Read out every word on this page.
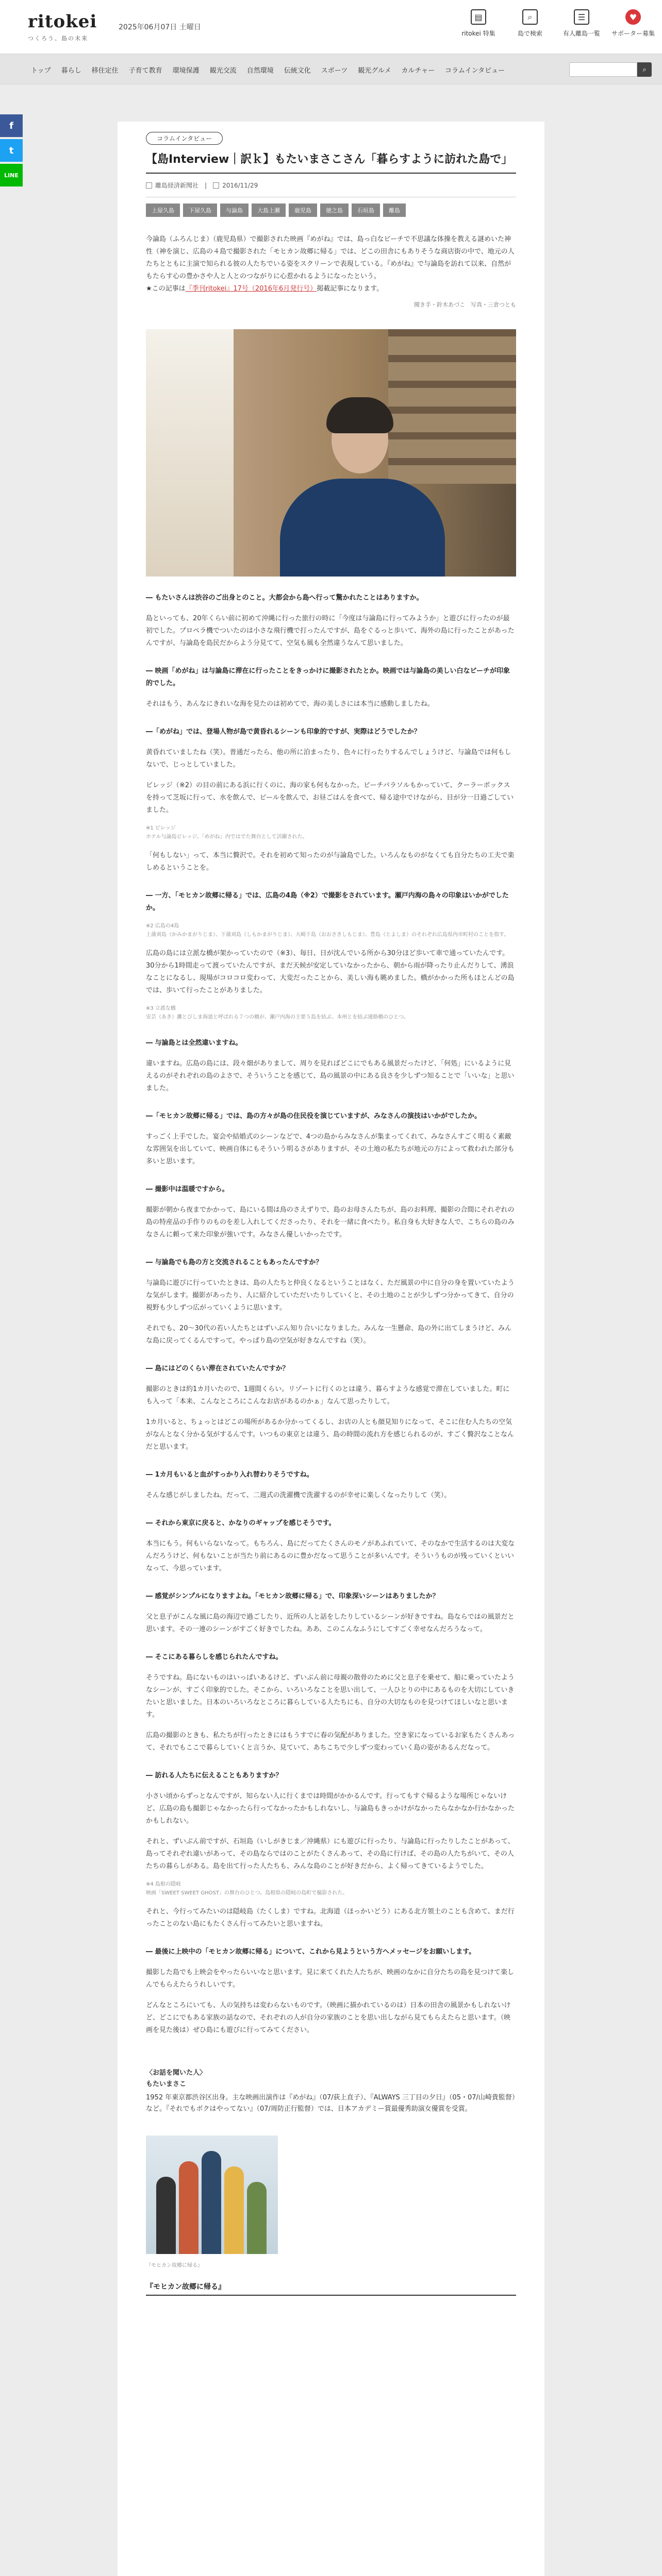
ritokei
つくろう、島の未来
2025年06月07日 土曜日
▤
ritokei 特集
⌕
島で検索
☰
有人離島一覧
♥
サポーター募集
トップ	暮らし	移住定住	子育て教育	環境保護	観光交流	自然環境	伝統文化	スポーツ	観光グルメ	カルチャー	コラムインタビュー	⌕
f
t
LINE
コラムインタビュー
【島Interview｜訳ｋ】もたいまさこさん「暮らすように訪れた島で」
離島経済新聞社 |	2016/11/29
上屋久島	下屋久島	与論島	大島上瀬	鹿児島	徳之島	石垣島	離島

今論島（ふろんじま）（鹿児島県）で撮影された映画『めがね』では、島っ白なビーチで不思議な体操を教える謎めいた神性（神を演じ、広島の４島で撮影された「モヒカン故郷に帰る」では、どこの田舎にもありそうな商店街の中で、地元の人たちとともに主演で知られる彼の人たちでいる姿をスクリーンで表現している。『めがね』で与論島を訪れて以来、自然がもたらす心の豊かさや人と人とのつながりに心惹かれるようになったという。
★この記事は『季刊ritokei』17号（2016年6月発行号）掲載記事になります。

聞き手・鈴木あづこ　写真・三倉つとも
― もたいさんは渋谷のご出身とのこと。大都会から島へ行って驚かれたことはありますか。
島といっても、20年くらい前に初めて沖縄に行った旅行の時に「今度は与論島に行ってみようか」と遊びに行ったのが最初でした。プロペラ機でついたのは小さな飛行機で打ったんですが、島をぐるっと歩いて、海外の島に行ったことがあったんですが、与論島を島民だからよう分見てて、空気も風も全然違うなんて思いました。
― 映画「めがね」は与論島に滞在に行ったことをきっかけに撮影されたとか。映画では与論島の美しい白なビーチが印象的でした。
それはもう、あんなにきれいな海を見たのは初めてで、海の美しさには本当に感動しましたね。
―「めがね」では、登場人物が島で黄昏れるシーンも印象的ですが、実際はどうでしたか？
黄昏れていましたね（笑）。普通だったら、他の所に泊まったり、色々に行ったりするんでしょうけど、与論島では何もしないで、じっとしていました。
ビレッジ（※2）の目の前にある浜に行くのに、海の家も何もなかった。ビーチパラソルもかっていて、クーラーボックスを持って芝坂に行って、水を飲んで、ビールを飲んで、お昼ごはんを食べて、帰る途中でけながら、目が分一日過ごしていました。
※1 ビレッジ
ホテル与論島ビレッジ。「めがね」内ではでた舞台として活躍された。
「何もしない」って、本当に贅沢で。それを初めて知ったのが与論島でした。いろんなものがなくても自分たちの工夫で楽しめるということを。
― 一方、「モヒカン故郷に帰る」では、広島の4島（※2）で撮影をされています。瀬戸内海の島々の印象はいかがでしたか。
※2 広島の4島
上蒲刈島（かみかまがりじま）、下蒲刈島（しもかまがりじま）、大崎下島（おおさきしもじま）、豊島（とよしま）のそれぞれ広島県内市町村のことを指す。
広島の島には立派な橋が架かっていたので（※3）、毎日、日が沈んでいる所から30分ほど歩いて車で通っていたんです。30分から1時間走って渡っていたんですが、まだ天候が安定していなかったから、朝から雨が降ったり止んだりして、湧浪なことになるし、現場がコロコロ変わって、大変だったことから、美しい海も眺めました。橋がかかった所もほとんどの島では、歩いて行ったことがありました。
※3 立派な橋
安芸（あき）灘とびしま海道と呼ばれる７つの橋が、瀬戸内海の主要５島を結ぶ、本州とを結ぶ連絡橋のひとつ。
― 与論島とは全然違いますね。
違いますね。広島の島には、段々畑がありまして、周りを見ればどこにでもある風景だったけど、「何処」にいるように見えるのがそれぞれの島のよさで、そういうことを感じて、島の風景の中にある良さを少しずつ知ることで「いいな」と思いました。
―「モヒカン故郷に帰る」では、島の方々が島の住民役を演じていますが、みなさんの演技はいかがでしたか。
すっごく上手でした。宴会や結婚式のシーンなどで、4つの島からみなさんが集まってくれて、みなさんすごく明るく素敵な雰囲気を出していて、映画自体にもそういう明るさがありますが、その土地の私たちが地元の方によって救われた部分も多いと思います。
― 撮影中は温暖ですから。
撮影が朝から夜までかかって、島にいる間は鳥のさえずりで、島のお母さんたちが、島のお料理、撮影の合間にそれぞれの島の特産品の手作りのものを差し入れしてくださったり、それを一緒に食べたり。私自身も大好きな人で、こちらの島のみなさんに頼って来た印象が強いです。みなさん優しいかったです。
― 与論島でも島の方と交流されることもあったんですか？
与論島に遊びに行っていたときは、島の人たちと仲良くなるということはなく、ただ風景の中に自分の身を置いていたような気がします。撮影があったり、人に紹介していただいたりしていくと、その土地のことが少しずつ分かってきて、自分の視野も少しずつ広がっていくように思います。
それでも、20〜30代の若い人たちとはずいぶん知り合いになりました。みんな一生懸命、島の外に出てしまうけど、みんな島に戻ってくるんですって。やっぱり島の空気が好きなんですね（笑）。
― 島にはどのくらい滞在されていたんですか？
撮影のときは約1カ月いたので、1週間くらい。リゾートに行くのとは違う、暮らすような感覚で滞在していました。町にも入って「本来、こんなところにこんなお店があるのかぁ」なんて思ったりして。
1カ月いると、ちょっとはどこの場所があるか分かってくるし、お店の人とも顔見知りになって、そこに住む人たちの空気がなんとなく分かる気がするんです。いつもの東京とは違う、島の時間の流れ方を感じられるのが、すごく贅沢なことなんだと思います。
― 1カ月もいると血がすっかり入れ替わりそうですね。
そんな感じがしましたね。だって、二週式の洗濯機で洗濯するのが幸せに楽しくなったりして（笑）。
― それから東京に戻ると、かなりのギャップを感じそうです。
本当にもう。何もいらないなって。もちろん、島にだってたくさんのモノがあふれていて、そのなかで生活するのは大変なんだろうけど、何もないことが当たり前にあるのに豊かだなって思うことが多いんです。そういうものが残っていくといいなって、今思っています。
― 感覚がシンプルになりますよね。「モヒカン故郷に帰る」で、印象深いシーンはありましたか？
父と息子がこんな風に島の海辺で過ごしたり、近所の人と話をしたりしているシーンが好きですね。島ならではの風景だと思います。その一連のシーンがすごく好きでしたね。ああ、このこんなふうにしてすごく幸せなんだろうなって。
― そこにある暮らしを感じられたんですね。
そうですね。島にないものはいっぱいあるけど、ずいぶん前に母親の散骨のために父と息子を乗せて、船に乗っていたようなシーンが、すごく印象的でした。そこから、いろいろなことを思い出して、一人ひとりの中にあるものを大切にしていきたいと思いました。日本のいろいろなところに暮らしている人たちにも、自分の大切なものを見つけてほしいなと思います。
広島の撮影のときも、私たちが行ったときにはもうすでに春の気配がありました。空き家になっているお家もたくさんあって、それでもここで暮らしていくと言うか、見ていて、あちこちで少しずつ変わっていく島の姿があるんだなって。
― 訪れる人たちに伝えることもありますか？
小さい頃からずっとなんですが、知らない人に行くまでは時間がかかるんです。行ってもすぐ帰るような場所じゃないけど、広島の島も撮影じゃなかったら行ってなかったかもしれないし、与論島もきっかけがなかったらなかなか行かなかったかもしれない。
それと、ずいぶん前ですが、石垣島（いしがきじま／沖縄県）にも遊びに行ったり、与論島に行ったりしたことがあって、島ってそれぞれ違いがあって、その島ならではのことがたくさんあって、その島に行けば、その島の人たちがいて、その人たちの暮らしがある。島を出て行った人たちも、みんな島のことが好きだから、よく帰ってきているようでした。
※4 島根の隠岐
映画「SWEET SWEET GHOST」の舞台のひとつ。島根県の隠岐の島町で撮影された。
それと、今行ってみたいのは隠岐島（たくしま）ですね。北海道（ほっかいどう）にある北方領土のことも含めて、まだ行ったことのない島にもたくさん行ってみたいと思いますね。
― 最後に上映中の「モヒカン故郷に帰る」について、これから見ようという方へメッセージをお願いします。
撮影した島でも上映会をやったらいいなと思います。見に来てくれた人たちが、映画のなかに自分たちの島を見つけて楽しんでもらえたらうれしいです。
どんなところにいても、人の気持ちは変わらないものです。（映画に描かれているのは）日本の田舎の風景かもしれないけど、どこにでもある家族の話なので、それぞれの人が自分の家族のことを思い出しながら見てもらえたらと思います。（映画を見た後は）ぜひ島にも遊びに行ってみてください。
〈お話を聞いた人〉
もたいまさこ
1952 年東京都渋谷区出身。主な映画出演作は『めがね』（07/荻上直子）、『ALWAYS 三丁目の夕日』（05・07/山崎貴監督）など。『それでもボクはやってない』（07/周防正行監督）では、日本アカデミー賞最優秀助演女優賞を受賞。
『モヒカン故郷に帰る』
『モヒカン故郷に帰る』
